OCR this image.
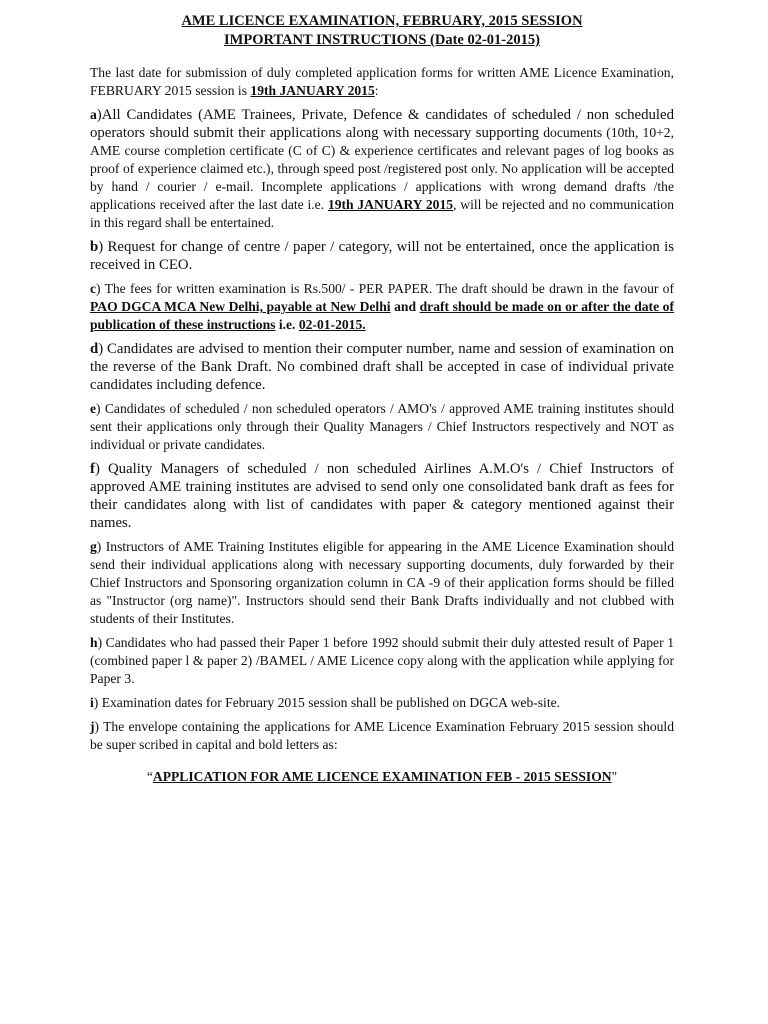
AME LICENCE EXAMINATION, FEBRUARY, 2015 SESSION
IMPORTANT INSTRUCTIONS (Date 02-01-2015)

The last date for submission of duly completed application forms for written AME Licence Examination, FEBRUARY 2015 session is 19th JANUARY 2015:

a)All Candidates (AME Trainees, Private, Defence & candidates of scheduled / non scheduled operators should submit their applications along with necessary supporting documents (10th, 10+2, AME course completion certificate (C of C) & experience certificates and relevant pages of log books as proof of experience claimed etc.), through speed post /registered post only. No application will be accepted by hand / courier / e-mail. Incomplete applications / applications with wrong demand drafts /the applications received after the last date i.e. 19th JANUARY 2015, will be rejected and no communication in this regard shall be entertained.

b) Request for change of centre / paper / category, will not be entertained, once the application is received in CEO.

c) The fees for written examination is Rs.500/ - PER PAPER. The draft should be drawn in the favour of PAO DGCA MCA New Delhi, payable at New Delhi and draft should be made on or after the date of publication of these instructions i.e. 02-01-2015.

d) Candidates are advised to mention their computer number, name and session of examination on the reverse of the Bank Draft. No combined draft shall be accepted in case of individual private candidates including defence.

e) Candidates of scheduled / non scheduled operators / AMO's / approved AME training institutes should sent their applications only through their Quality Managers / Chief Instructors respectively and NOT as individual or private candidates.

f) Quality Managers of scheduled / non scheduled Airlines A.M.O's / Chief Instructors of approved AME training institutes are advised to send only one consolidated bank draft as fees for their candidates along with list of candidates with paper & category mentioned against their names.

g) Instructors of AME Training Institutes eligible for appearing in the AME Licence Examination should send their individual applications along with necessary supporting documents, duly forwarded by their Chief Instructors and Sponsoring organization column in CA -9 of their application forms should be filled as "Instructor (org name)". Instructors should send their Bank Drafts individually and not clubbed with students of their Institutes.

h) Candidates who had passed their Paper 1 before 1992 should submit their duly attested result of Paper 1 (combined paper l & paper 2) /BAMEL / AME Licence copy along with the application while applying for Paper 3.

i) Examination dates for February 2015 session shall be published on DGCA web-site.

j) The envelope containing the applications for AME Licence Examination February 2015 session should be super scribed in capital and bold letters as:

“APPLICATION FOR AME LICENCE EXAMINATION FEB - 2015 SESSION"
